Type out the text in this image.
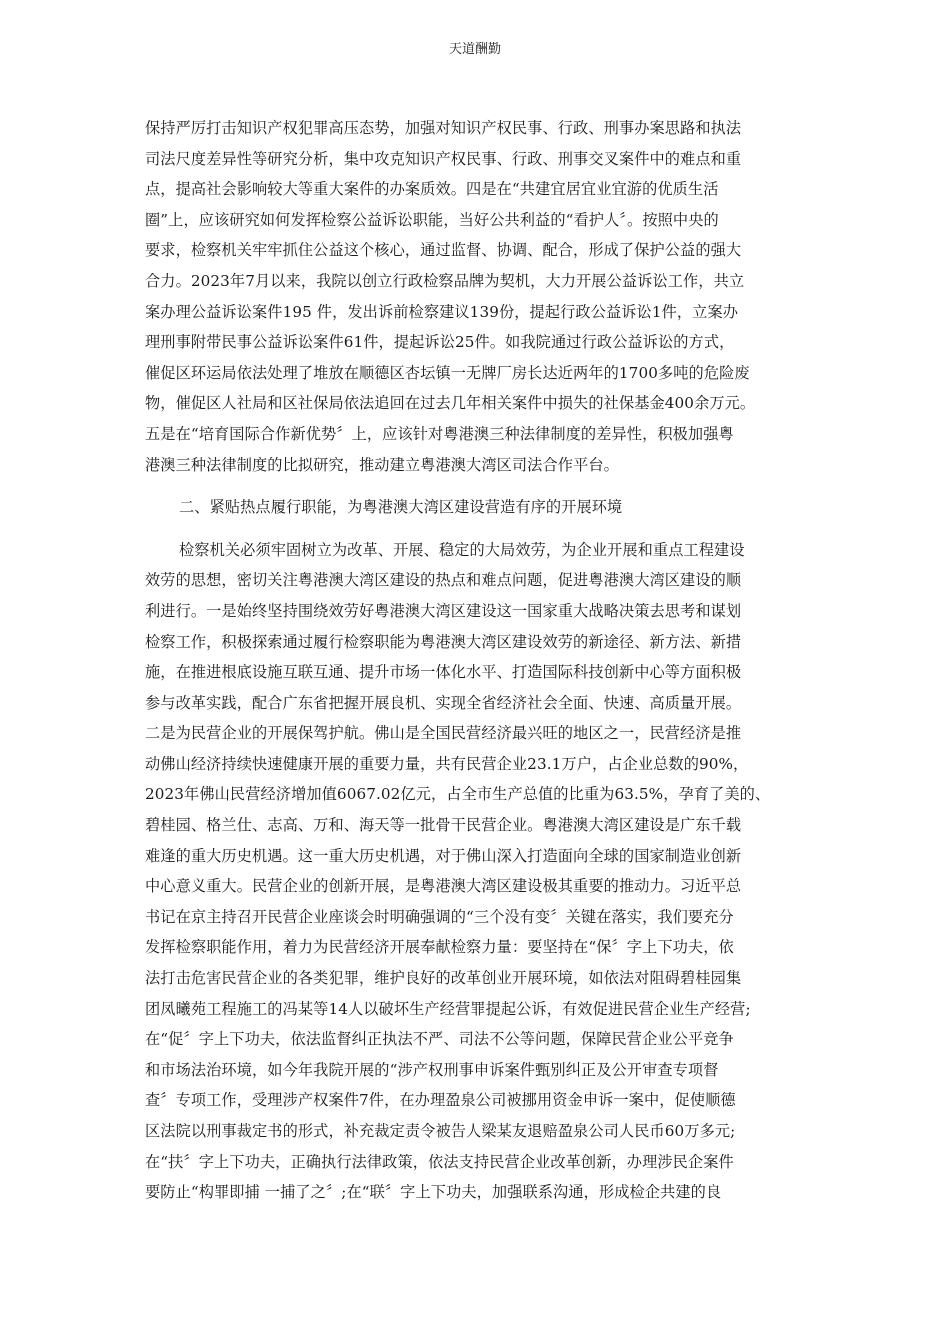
天道酬勤
保持严厉打击知识产权犯罪高压态势，加强对知识产权民事、行政、刑事办案思路和执法
司法尺度差异性等研究分析，集中攻克知识产权民事、行政、刑事交叉案件中的难点和重
点，提高社会影响较大等重大案件的办案质效。四是在“共建宜居宜业宜游的优质生活
圈”上，应该研究如何发挥检察公益诉讼职能，当好公共利益的“看护人〞。按照中央的
要求，检察机关牢牢抓住公益这个核心，通过监督、协调、配合，形成了保护公益的强大
合力。2023年7月以来，我院以创立行政检察品牌为契机，大力开展公益诉讼工作，共立
案办理公益诉讼案件195 件，发出诉前检察建议139份，提起行政公益诉讼1件，立案办
理刑事附带民事公益诉讼案件61件，提起诉讼25件。如我院通过行政公益诉讼的方式，
催促区环运局依法处理了堆放在顺德区杏坛镇一无牌厂房长达近两年的1700多吨的危险废
物，催促区人社局和区社保局依法追回在过去几年相关案件中损失的社保基金400余万元。
五是在“培育国际合作新优势〞上，应该针对粤港澳三种法律制度的差异性，积极加强粤
港澳三种法律制度的比拟研究，推动建立粤港澳大湾区司法合作平台。
二、紧贴热点履行职能，为粤港澳大湾区建设营造有序的开展环境
检察机关必须牢固树立为改革、开展、稳定的大局效劳，为企业开展和重点工程建设
效劳的思想，密切关注粤港澳大湾区建设的热点和难点问题，促进粤港澳大湾区建设的顺
利进行。一是始终坚持围绕效劳好粤港澳大湾区建设这一国家重大战略决策去思考和谋划
检察工作，积极探索通过履行检察职能为粤港澳大湾区建设效劳的新途径、新方法、新措
施，在推进根底设施互联互通、提升市场一体化水平、打造国际科技创新中心等方面积极
参与改革实践，配合广东省把握开展良机、实现全省经济社会全面、快速、高质量开展。
二是为民营企业的开展保驾护航。佛山是全国民营经济最兴旺的地区之一，民营经济是推
动佛山经济持续快速健康开展的重要力量，共有民营企业23.1万户，占企业总数的90%，
2023年佛山民营经济增加值6067.02亿元，占全市生产总值的比重为63.5%，孕育了美的、
碧桂园、格兰仕、志高、万和、海天等一批骨干民营企业。粤港澳大湾区建设是广东千载
难逢的重大历史机遇。这一重大历史机遇，对于佛山深入打造面向全球的国家制造业创新
中心意义重大。民营企业的创新开展，是粤港澳大湾区建设极其重要的推动力。习近平总
书记在京主持召开民营企业座谈会时明确强调的“三个没有变〞关键在落实，我们要充分
发挥检察职能作用，着力为民营经济开展奉献检察力量：要坚持在“保〞字上下功夫，依
法打击危害民营企业的各类犯罪，维护良好的改革创业开展环境，如依法对阻碍碧桂园集
团凤曦苑工程施工的冯某等14人以破坏生产经营罪提起公诉，有效促进民营企业生产经营;
在“促〞字上下功夫，依法监督纠正执法不严、司法不公等问题，保障民营企业公平竞争
和市场法治环境，如今年我院开展的“涉产权刑事申诉案件甄别纠正及公开审查专项督
查〞专项工作，受理涉产权案件7件，在办理盈泉公司被挪用资金申诉一案中，促使顺德
区法院以刑事裁定书的形式，补充裁定责令被告人梁某友退赔盈泉公司人民币60万多元;
在“扶〞字上下功夫，正确执行法律政策，依法支持民营企业改革创新，办理涉民企案件
要防止“构罪即捕 一捕了之〞;在“联〞字上下功夫，加强联系沟通，形成检企共建的良
